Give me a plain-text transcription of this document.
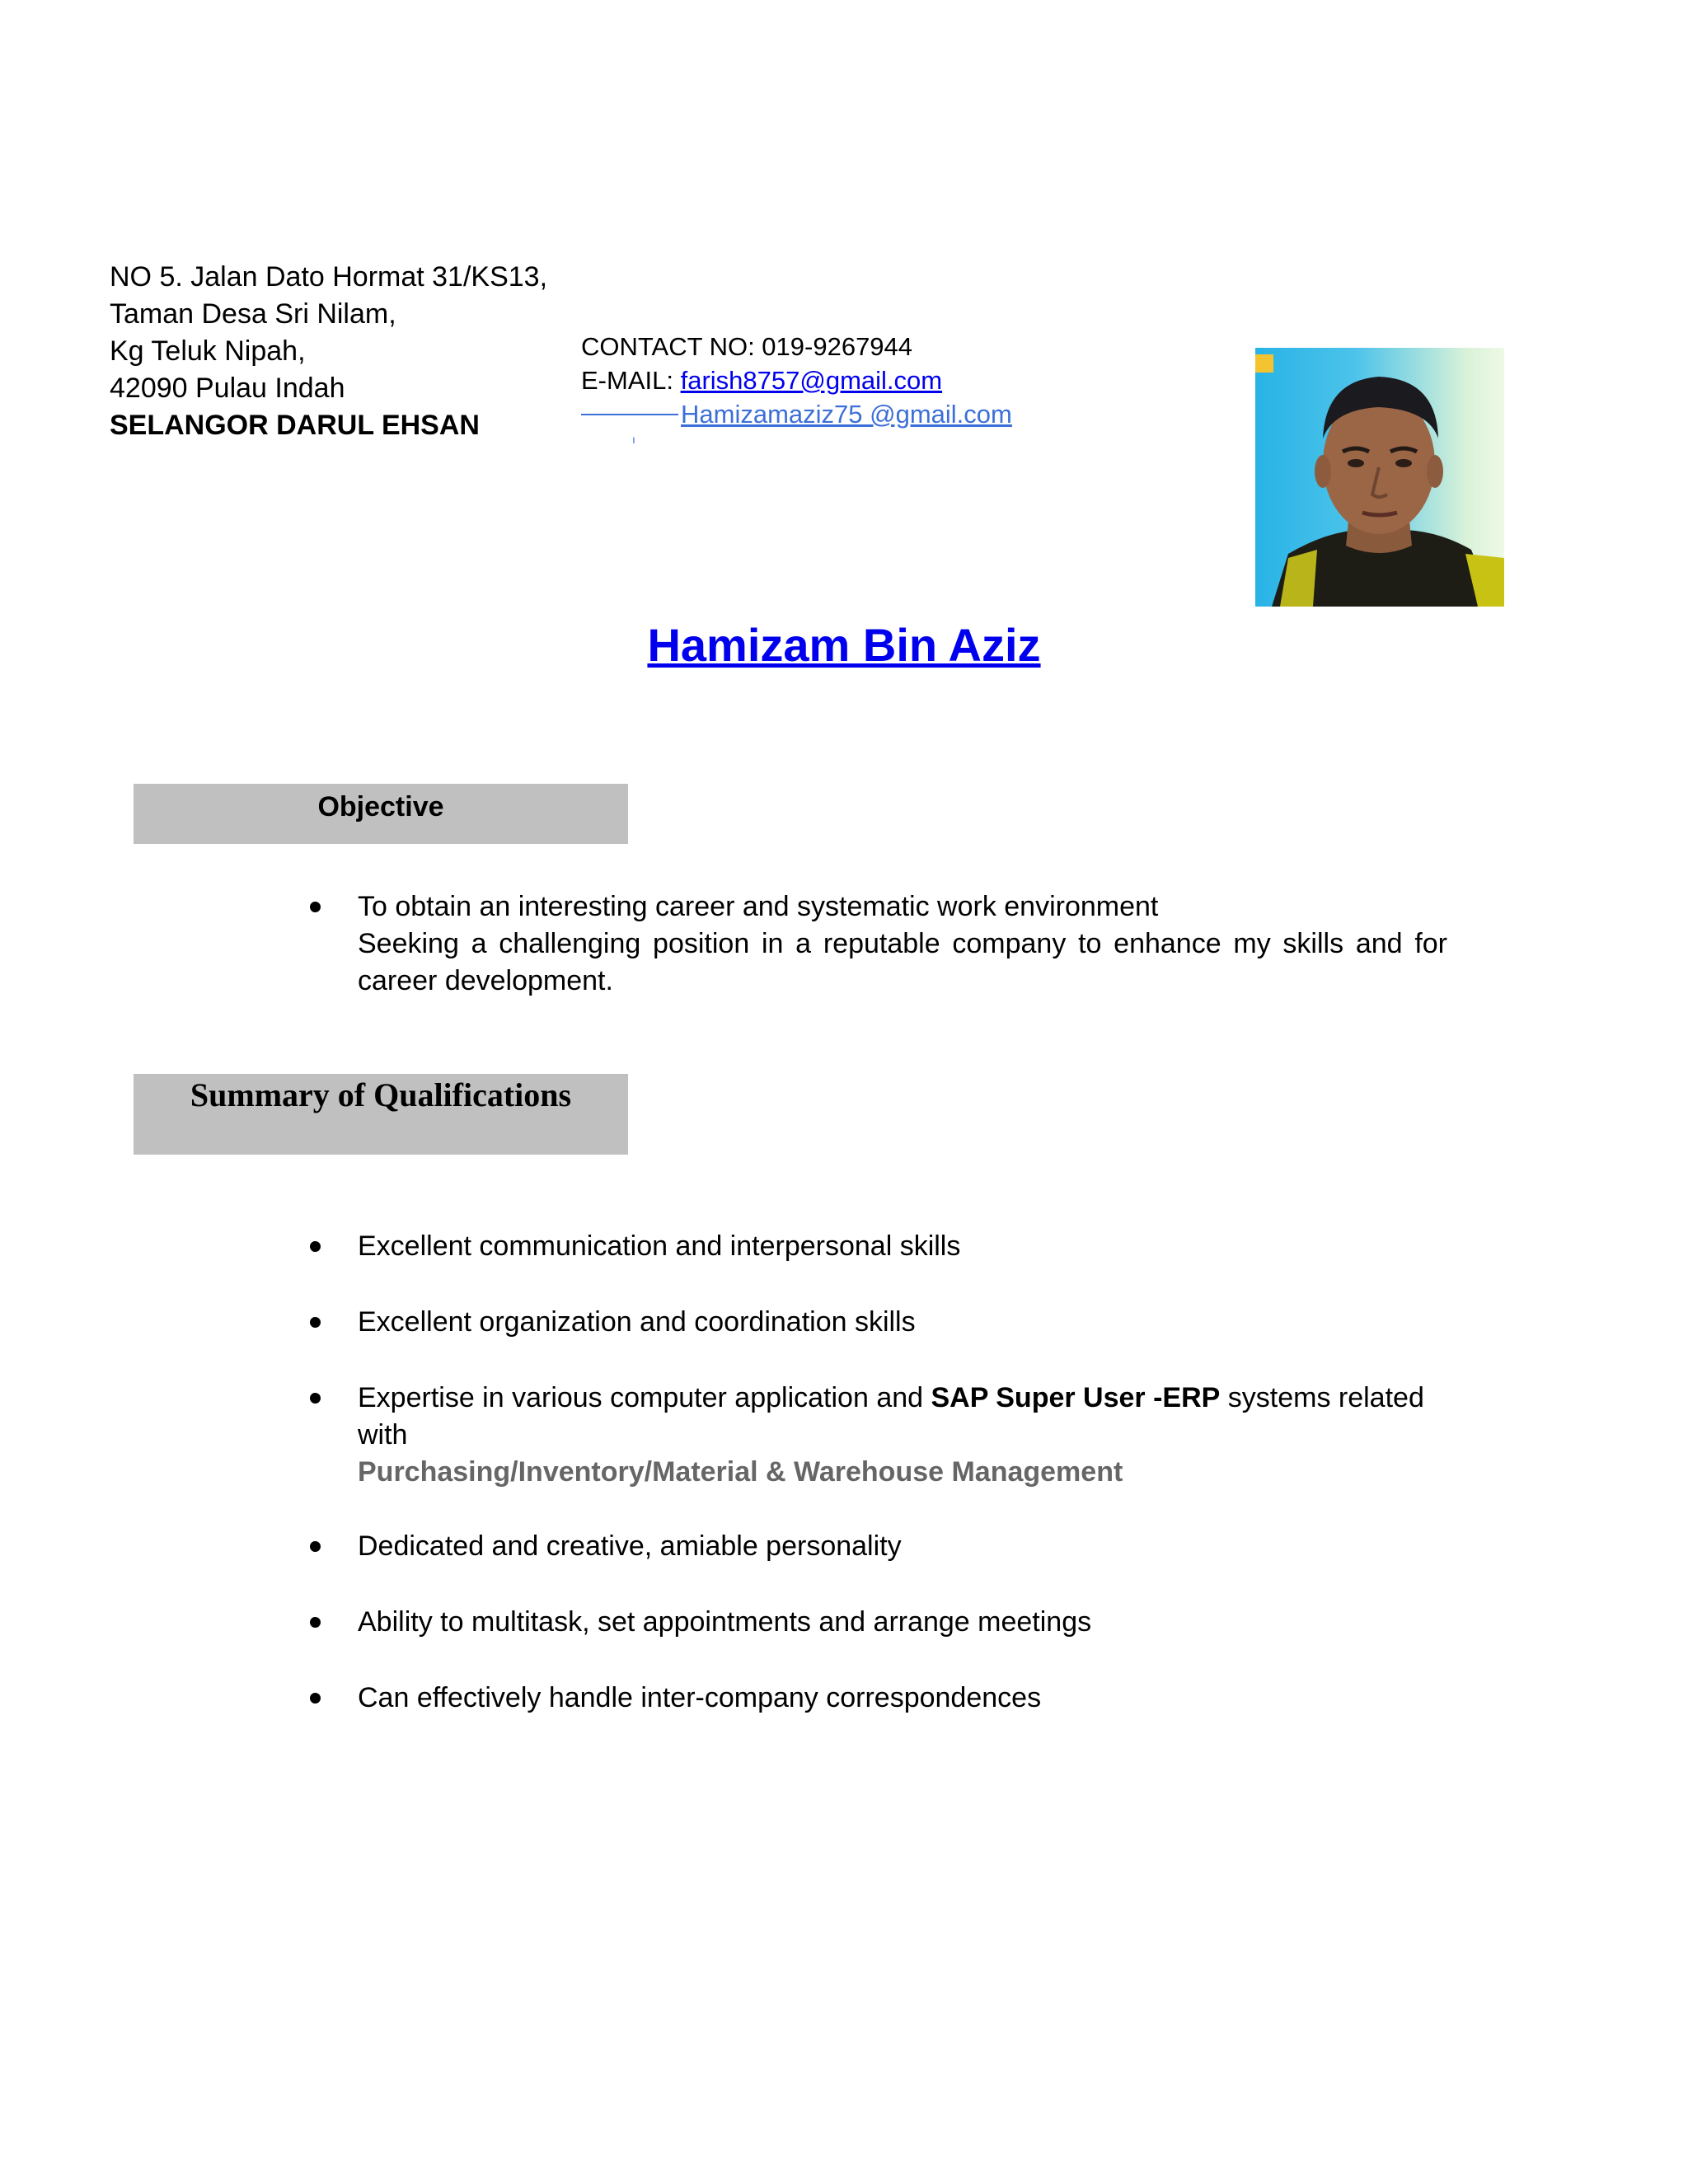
NO 5. Jalan Dato Hormat 31/KS13,
Taman Desa Sri Nilam,
Kg Teluk Nipah,
42090 Pulau Indah
SELANGOR DARUL EHSAN
CONTACT NO: 019-9267944
E-MAIL: farish8757@gmail.com
Hamizamaziz75 @gmail.com
ı
Hamizam Bin Aziz
Objective
To obtain an interesting career and systematic work environment
Seeking a challenging position in a reputable company to enhance my skills and for career development.
Summary of Qualifications
Excellent communication and interpersonal skills
Excellent organization and coordination skills
Expertise in various computer application and SAP Super User -ERP systems related with
Purchasing/Inventory/Material & Warehouse Management
Dedicated and creative, amiable personality
Ability to multitask, set appointments and arrange meetings
Can effectively handle inter-company correspondences
